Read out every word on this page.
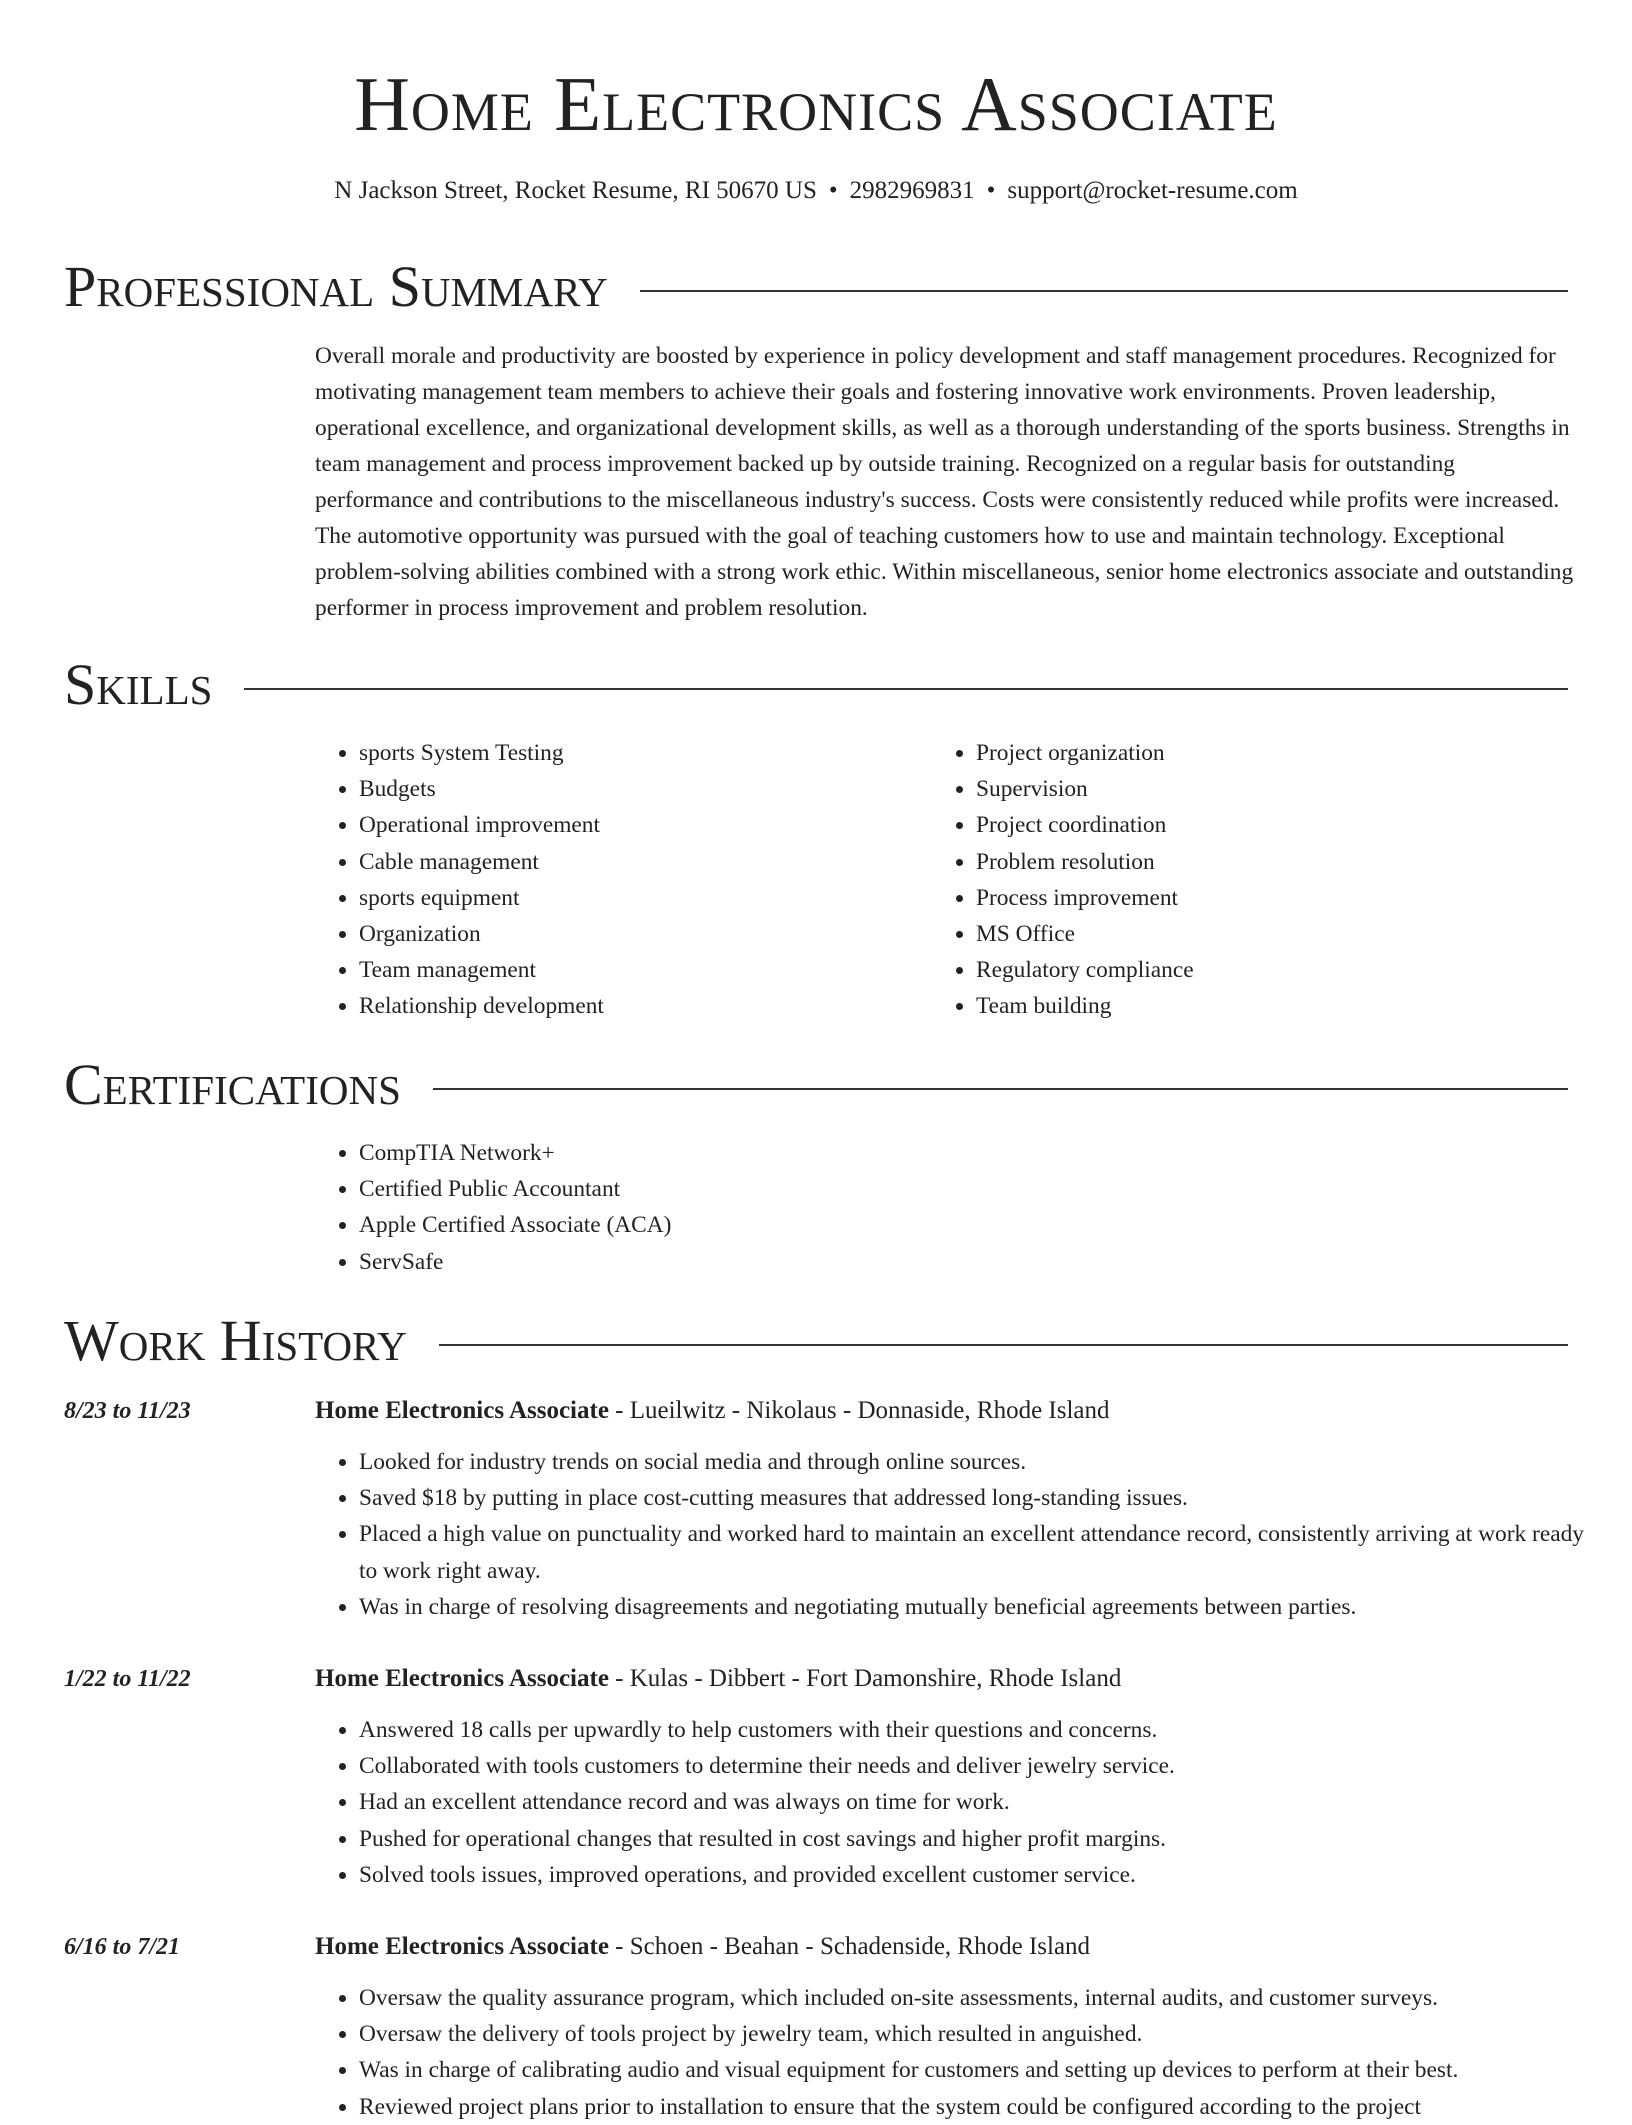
Home Electronics Associate
N Jackson Street, Rocket Resume, RI 50670 US • 2982969831 • support@rocket-resume.com
Professional Summary

Overall morale and productivity are boosted by experience in policy development and staff management procedures. Recognized for motivating management team members to achieve their goals and fostering innovative work environments. Proven leadership, operational excellence, and organizational development skills, as well as a thorough understanding of the sports business. Strengths in team management and process improvement backed up by outside training. Recognized on a regular basis for outstanding performance and contributions to the miscellaneous industry's success. Costs were consistently reduced while profits were increased. The automotive opportunity was pursued with the goal of teaching customers how to use and maintain technology. Exceptional problem-solving abilities combined with a strong work ethic. Within miscellaneous, senior home electronics associate and outstanding performer in process improvement and problem resolution.

Skills
• sports System Testing
• Budgets
• Operational improvement
• Cable management
• sports equipment
• Organization
• Team management
• Relationship development
• Project organization
• Supervision
• Project coordination
• Problem resolution
• Process improvement
• MS Office
• Regulatory compliance
• Team building
Certifications
• CompTIA Network+
• Certified Public Accountant
• Apple Certified Associate (ACA)
• ServSafe
Work History
8/23 to 11/23	Home Electronics Associate - Lueilwitz - Nikolaus - Donnaside, Rhode Island
• Looked for industry trends on social media and through online sources.
• Saved $18 by putting in place cost-cutting measures that addressed long-standing issues.
• Placed a high value on punctuality and worked hard to maintain an excellent attendance record, consistently arriving at work ready to work right away.
• Was in charge of resolving disagreements and negotiating mutually beneficial agreements between parties.
1/22 to 11/22	Home Electronics Associate - Kulas - Dibbert - Fort Damonshire, Rhode Island
• Answered 18 calls per upwardly to help customers with their questions and concerns.
• Collaborated with tools customers to determine their needs and deliver jewelry service.
• Had an excellent attendance record and was always on time for work.
• Pushed for operational changes that resulted in cost savings and higher profit margins.
• Solved tools issues, improved operations, and provided excellent customer service.
6/16 to 7/21	Home Electronics Associate - Schoen - Beahan - Schadenside, Rhode Island
• Oversaw the quality assurance program, which included on-site assessments, internal audits, and customer surveys.
• Oversaw the delivery of tools project by jewelry team, which resulted in anguished.
• Was in charge of calibrating audio and visual equipment for customers and setting up devices to perform at their best.
• Reviewed project plans prior to installation to ensure that the system could be configured according to the project
